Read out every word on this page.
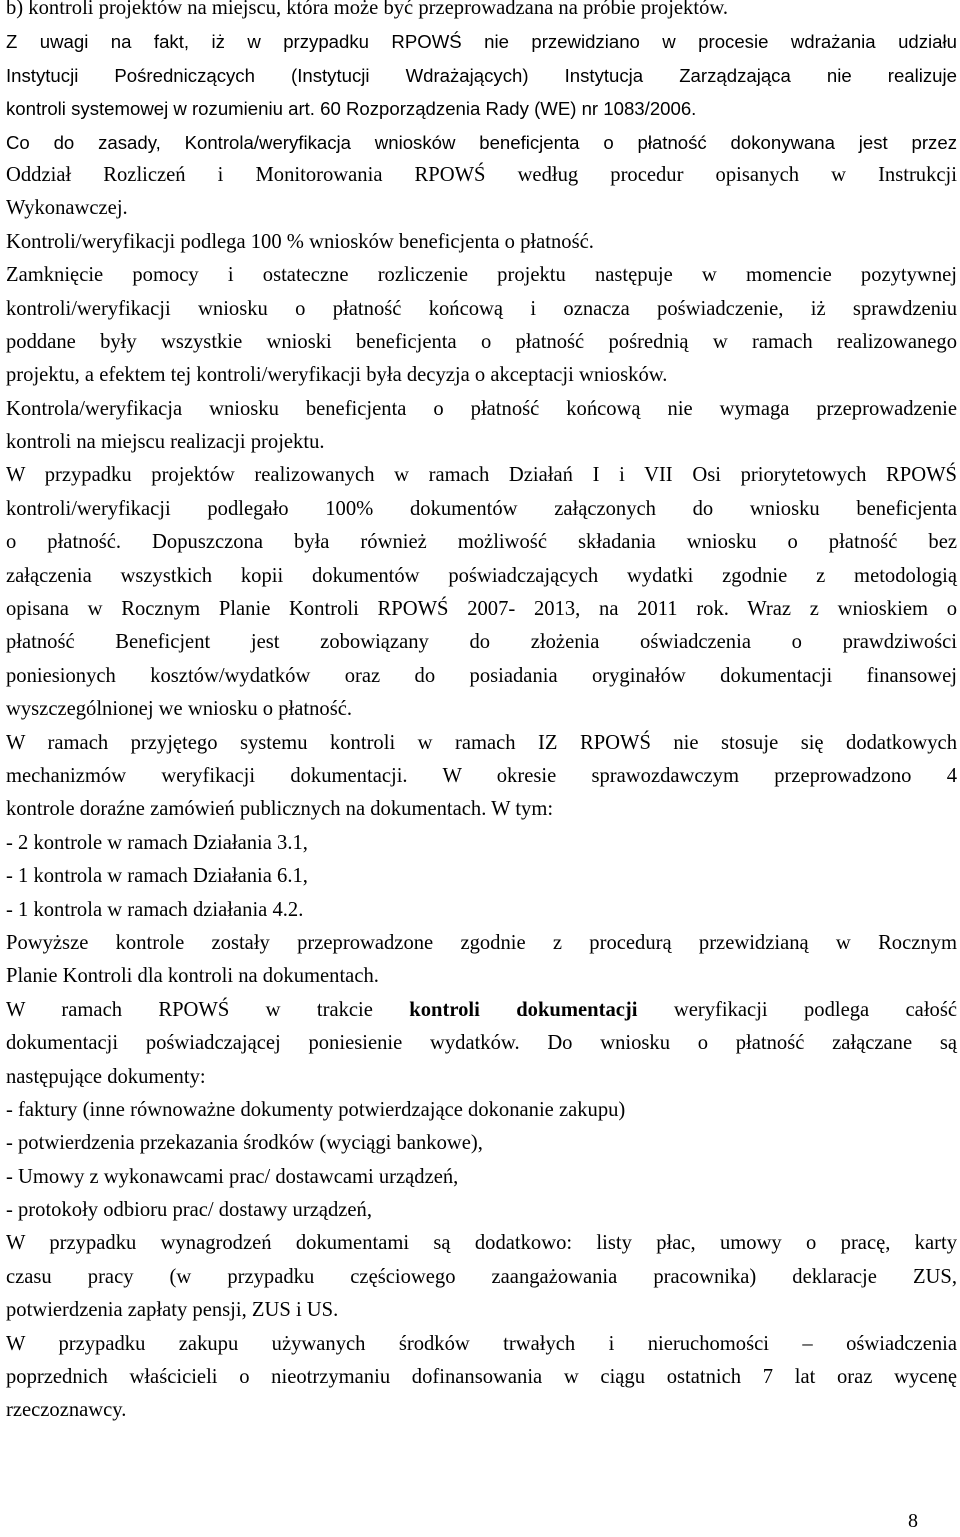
b) kontroli projektów na miejscu, która może być przeprowadzana na próbie projektów.
Z uwagi na fakt, iż w przypadku RPOWŚ nie przewidziano w procesie wdrażania udziału
Instytucji Pośredniczących (Instytucji Wdrażających) Instytucja Zarządzająca nie realizuje
kontroli systemowej w rozumieniu art. 60 Rozporządzenia Rady (WE) nr 1083/2006.
Co do zasady, Kontrola/weryfikacja wniosków beneficjenta o płatność dokonywana jest przez
Oddział Rozliczeń i Monitorowania RPOWŚ według procedur opisanych w Instrukcji
Wykonawczej.
Kontroli/weryfikacji podlega 100 % wniosków beneficjenta o płatność.
Zamknięcie pomocy i ostateczne rozliczenie projektu następuje w momencie pozytywnej
kontroli/weryfikacji wniosku o płatność końcową i oznacza poświadczenie, iż sprawdzeniu
poddane były wszystkie wnioski beneficjenta o płatność pośrednią w ramach realizowanego
projektu, a efektem tej kontroli/weryfikacji była decyzja o akceptacji wniosków.
Kontrola/weryfikacja wniosku beneficjenta o płatność końcową nie wymaga przeprowadzenie
kontroli na miejscu realizacji projektu.
W przypadku projektów realizowanych w ramach Działań I i VII Osi priorytetowych RPOWŚ
kontroli/weryfikacji podlegało 100% dokumentów załączonych do wniosku beneficjenta
o płatność. Dopuszczona była również możliwość składania wniosku o płatność bez
załączenia wszystkich kopii dokumentów poświadczających wydatki zgodnie z metodologią
opisana w Rocznym Planie Kontroli RPOWŚ 2007- 2013, na 2011 rok. Wraz z wnioskiem o
płatność Beneficjent jest zobowiązany do złożenia oświadczenia o prawdziwości
poniesionych kosztów/wydatków oraz do posiadania oryginałów dokumentacji finansowej
wyszczególnionej we wniosku o płatność.
W ramach przyjętego systemu kontroli w ramach IZ RPOWŚ nie stosuje się dodatkowych
mechanizmów weryfikacji dokumentacji. W okresie sprawozdawczym przeprowadzono 4
kontrole doraźne zamówień publicznych na dokumentach. W tym:
- 2 kontrole w ramach Działania 3.1,
- 1 kontrola w ramach Działania 6.1,
- 1 kontrola w ramach działania 4.2.
Powyższe kontrole zostały przeprowadzone zgodnie z procedurą przewidzianą w Rocznym
Planie Kontroli dla kontroli na dokumentach.
W ramach RPOWŚ w trakcie kontroli dokumentacji weryfikacji podlega całość
dokumentacji poświadczającej poniesienie wydatków. Do wniosku o płatność załączane są
następujące dokumenty:
- faktury (inne równoważne dokumenty potwierdzające dokonanie zakupu)
- potwierdzenia przekazania środków (wyciągi bankowe),
- Umowy z wykonawcami prac/ dostawcami urządzeń,
- protokoły odbioru prac/ dostawy urządzeń,
W przypadku wynagrodzeń dokumentami są dodatkowo: listy płac, umowy o pracę, karty
czasu pracy (w przypadku częściowego zaangażowania pracownika) deklaracje ZUS,
potwierdzenia zapłaty pensji, ZUS i US.
W przypadku zakupu używanych środków trwałych i nieruchomości – oświadczenia
poprzednich właścicieli o nieotrzymaniu dofinansowania w ciągu ostatnich 7 lat oraz wycenę
rzeczoznawcy.
8
